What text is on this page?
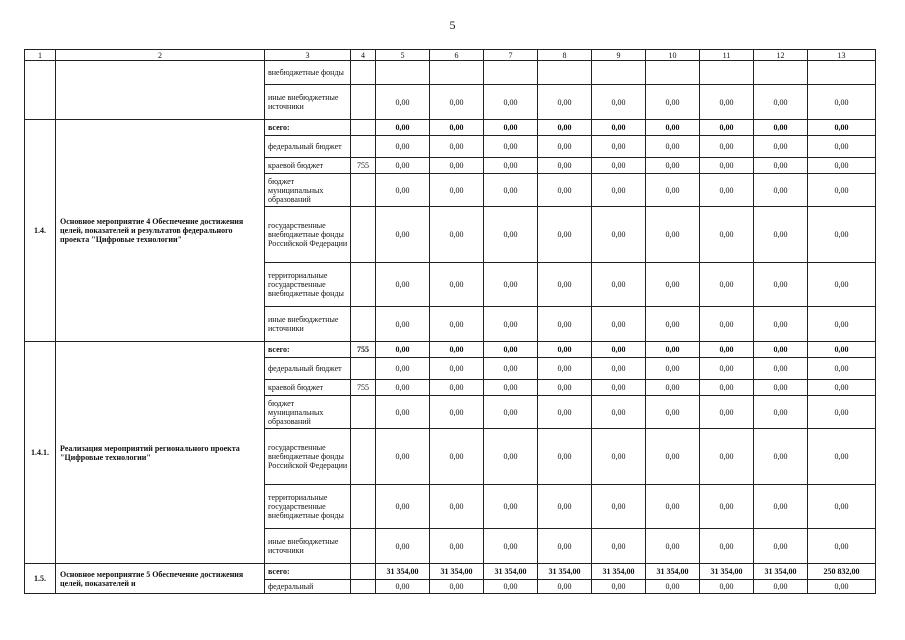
5
1	2	3	4	5	6	7	8	9	10	11	12	13
		внебюджетные фонды										
		иные внебюджетные источники		0,00	0,00	0,00	0,00	0,00	0,00	0,00	0,00	0,00
1.4.	Основное мероприятие 4 Обеспечение достижения целей, показателей и результатов федерального проекта "Цифровые технологии"	всего:		0,00	0,00	0,00	0,00	0,00	0,00	0,00	0,00	0,00
		федеральный бюджет		0,00	0,00	0,00	0,00	0,00	0,00	0,00	0,00	0,00
		краевой бюджет	755	0,00	0,00	0,00	0,00	0,00	0,00	0,00	0,00	0,00
		бюджет муниципальных образований		0,00	0,00	0,00	0,00	0,00	0,00	0,00	0,00	0,00
		государственные внебюджетные фонды Российской Федерации		0,00	0,00	0,00	0,00	0,00	0,00	0,00	0,00	0,00
		территориальные государственные внебюджетные фонды		0,00	0,00	0,00	0,00	0,00	0,00	0,00	0,00	0,00
		иные внебюджетные источники		0,00	0,00	0,00	0,00	0,00	0,00	0,00	0,00	0,00
1.4.1.	Реализация мероприятий регионального проекта "Цифровые технологии"	всего:	755	0,00	0,00	0,00	0,00	0,00	0,00	0,00	0,00	0,00
		федеральный бюджет		0,00	0,00	0,00	0,00	0,00	0,00	0,00	0,00	0,00
		краевой бюджет	755	0,00	0,00	0,00	0,00	0,00	0,00	0,00	0,00	0,00
		бюджет муниципальных образований		0,00	0,00	0,00	0,00	0,00	0,00	0,00	0,00	0,00
		государственные внебюджетные фонды Российской Федерации		0,00	0,00	0,00	0,00	0,00	0,00	0,00	0,00	0,00
		территориальные государственные внебюджетные фонды		0,00	0,00	0,00	0,00	0,00	0,00	0,00	0,00	0,00
		иные внебюджетные источники		0,00	0,00	0,00	0,00	0,00	0,00	0,00	0,00	0,00
1.5.	Основное мероприятие 5 Обеспечение достижения целей, показателей и	всего:		31 354,00	31 354,00	31 354,00	31 354,00	31 354,00	31 354,00	31 354,00	31 354,00	250 832,00
		федеральный		0,00	0,00	0,00	0,00	0,00	0,00	0,00	0,00	0,00
